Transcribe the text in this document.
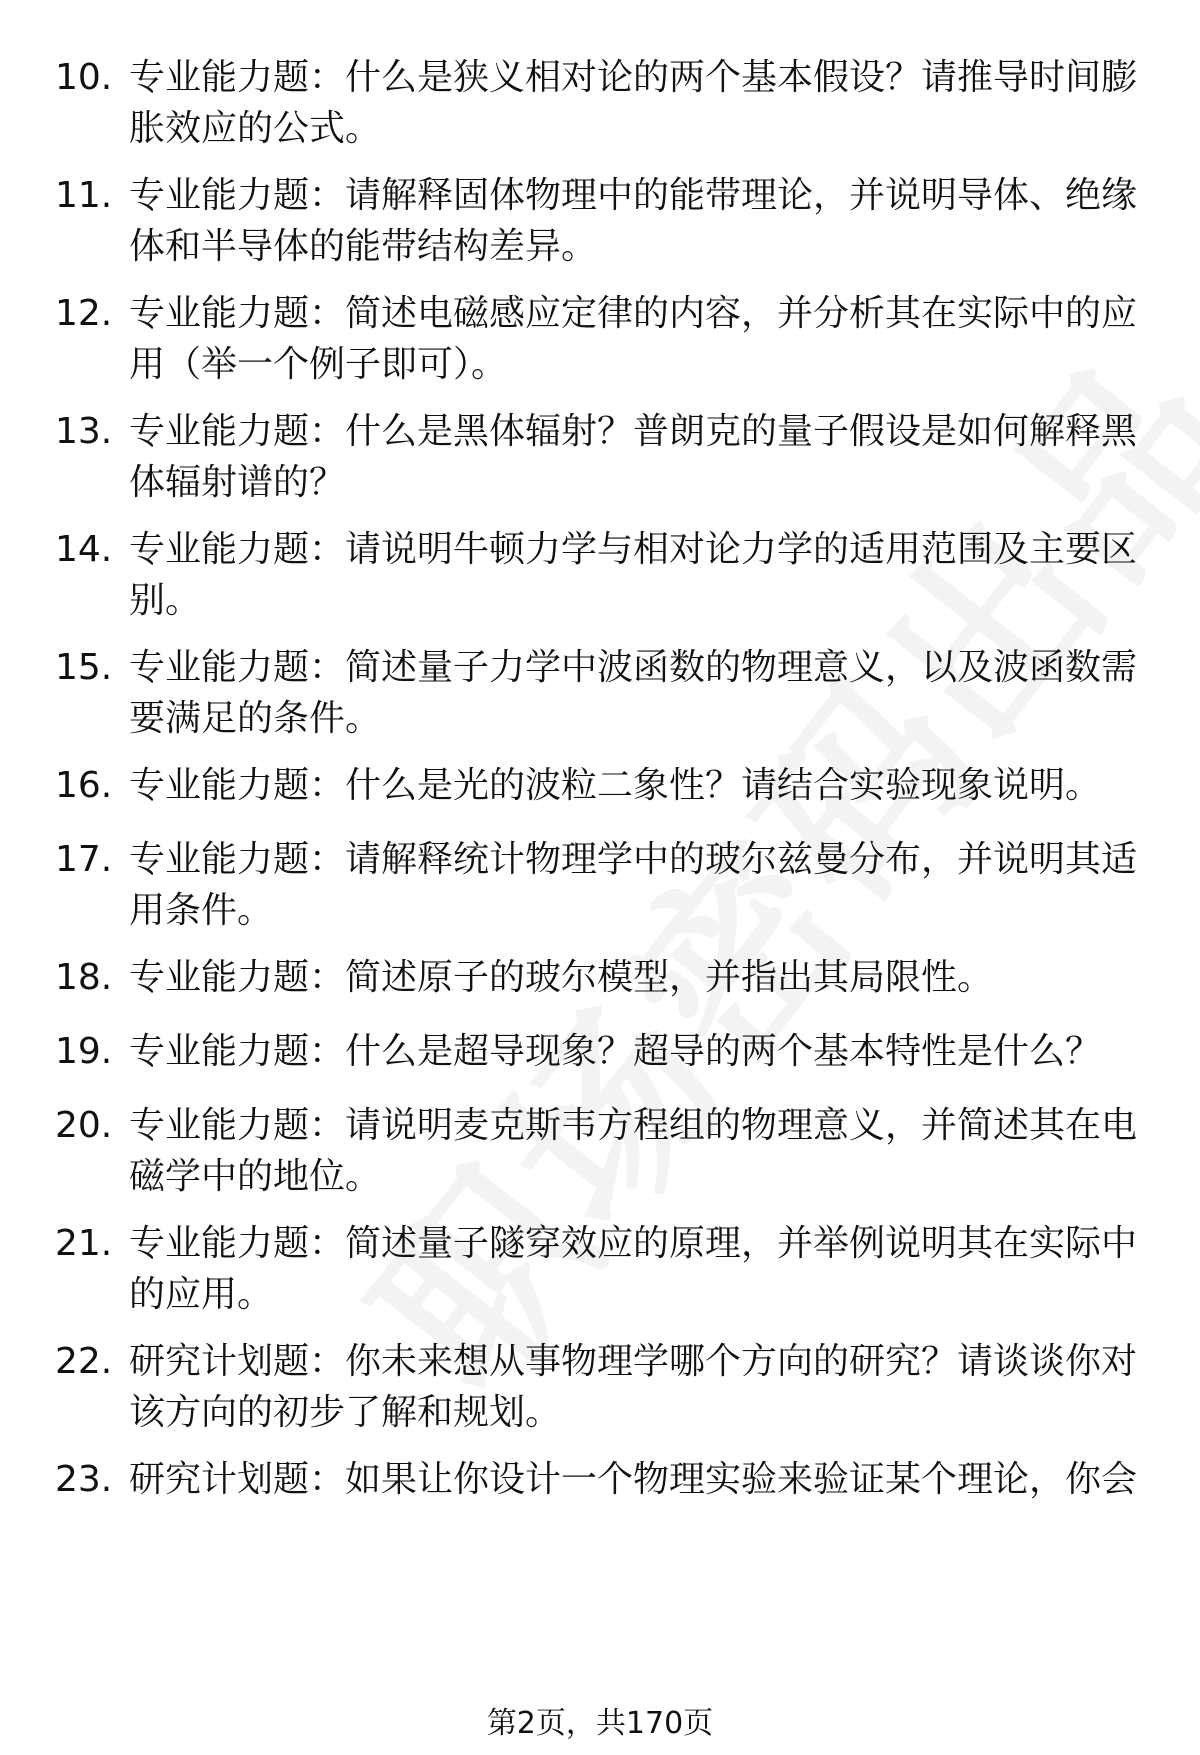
10. 专业能力题：什么是狭义相对论的两个基本假设？请推导时间膨胀效应的公式。
11. 专业能力题：请解释固体物理中的能带理论，并说明导体、绝缘体和半导体的能带结构差异。
12. 专业能力题：简述电磁感应定律的内容，并分析其在实际中的应用（举一个例子即可）。
13. 专业能力题：什么是黑体辐射？普朗克的量子假设是如何解释黑体辐射谱的？
14. 专业能力题：请说明牛顿力学与相对论力学的适用范围及主要区别。
15. 专业能力题：简述量子力学中波函数的物理意义，以及波函数需要满足的条件。
16. 专业能力题：什么是光的波粒二象性？请结合实验现象说明。
17. 专业能力题：请解释统计物理学中的玻尔兹曼分布，并说明其适用条件。
18. 专业能力题：简述原子的玻尔模型，并指出其局限性。
19. 专业能力题：什么是超导现象？超导的两个基本特性是什么？
20. 专业能力题：请说明麦克斯韦方程组的物理意义，并简述其在电磁学中的地位。
21. 专业能力题：简述量子隧穿效应的原理，并举例说明其在实际中的应用。
22. 研究计划题：你未来想从事物理学哪个方向的研究？请谈谈你对该方向的初步了解和规划。
23. 研究计划题：如果让你设计一个物理实验来验证某个理论，你会
第2页，共170页
